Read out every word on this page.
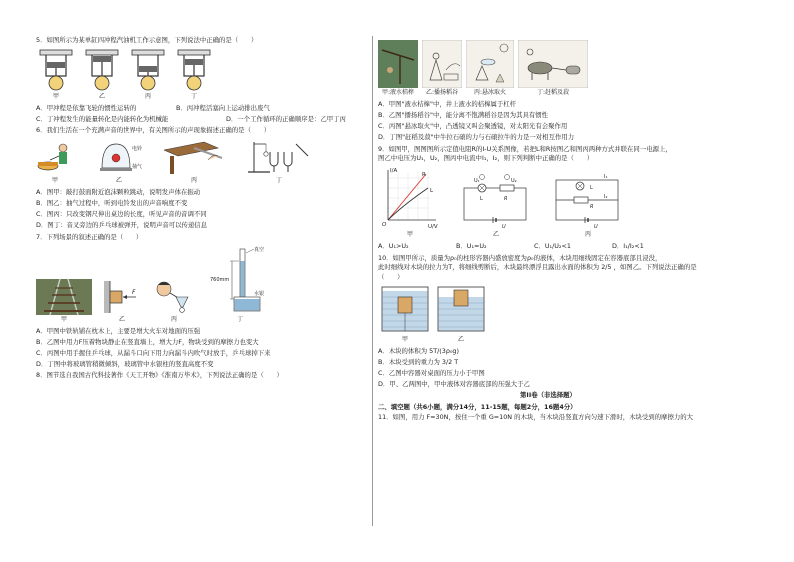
5．如图所示为某单缸四冲程汽油机工作示意图，下列说法中正确的是（　　）
甲	乙	丙	丁
A．甲冲程是依靠飞轮的惯性运转的	B．丙冲程活塞向上运动排出废气
C．丁冲程发生的能量转化是内能转化为机械能	D．一个工作循环的正确顺序是：乙甲丁丙
6．我们生活在一个充满声音的世界中，有关图所示的声现象描述正确的是（　　）
甲
电铃
抽气
乙	丙	丁
A．图甲：敲打鼓面附近泡沫颗粒跳动，说明发声体在振动
B．图乙：抽气过程中，听到电铃发出的声音响度不变
C．图丙：只改变钢尺伸出桌边的长度，听见声音的音调不同
D．图丁：音叉旁边的乒乓球被弹开，说明声音可以传递信息
7．下列场景的叙述正确的是（　　）
甲
F
乙	丙
真空
760mm
水银
丁
A．甲图中铁轨铺在枕木上，主要是增大火车对地面的压强
B．乙图中用力F压着物块静止在竖直墙上，增大力F，物块受到的摩擦力也变大
C．丙图中用手握住乒乓球，从漏斗口向下用力向漏斗内吹气时放手，乒乓球掉下来
D．丁图中将玻璃管稍微倾斜，玻璃管中水银柱的竖直高度不变
8．图节选自我国古代科技著作《天工开物》《淮南万毕术》，下列说法正确的是（　　）
甲:液水桔槔 乙:播扬稻谷	丙:悬冰取火	丁:赶稻及菽
A．甲图"液水桔槔"中，井上液水的桔槔属于杠杆
B．乙图"播扬稻谷"中，能分离不饱满稻谷是因为其具有惯性
C．丙图"悬冰取火"中，凸透镜又叫会聚透镜，对太阳光有会聚作用
D．丁图"赶稻及菽"中牛拉石磙的力与石磙拉牛的力是一对相互作用力
9．如图甲，图图图所示定值电阻R的I-U关系图像，若把L和R按图乙和图丙两种方式并联在同一电源上，
图乙中电压为U₁，U₂，图丙中电流中I₁，I₂，则下列判断中正确的是（　　）
I/A
U/V
O
L
R
甲
U₁	U₂
L	R
U
乙
L
R
I₁
I₂
U
丙
A．U₁>U₂	B．U₁=U₂	C．U₁/U₂<1	D．I₁/I₂<1
10．如图甲所示，质量为ρ₀的柱形容器内盛放密度为ρ₀的液体，木块用细线固定在容器底部且浸没，
此时细线对木块的拉力为T，将细线剪断后，木块最终漂浮且露出水面的体积为 2/5 ，如图乙。下列说法正确的是
（　　）
甲	乙
A．木块的体积为 5T/(3ρ₀g)
B．木块受到的重力为 3/2 T
C．乙图中容器对桌面的压力小于甲图
D．甲、乙两图中，甲中液体对容器底部的压强大于乙
第II卷（非选择题）
二、填空题（共6小题，满分14分，11-15题，每题2分，16题4分）
11．如图，用力 F=30N，按住一个重 G=10N 的木块，当木块沿竖直方向匀速下滑时，木块受到的摩擦力的大
